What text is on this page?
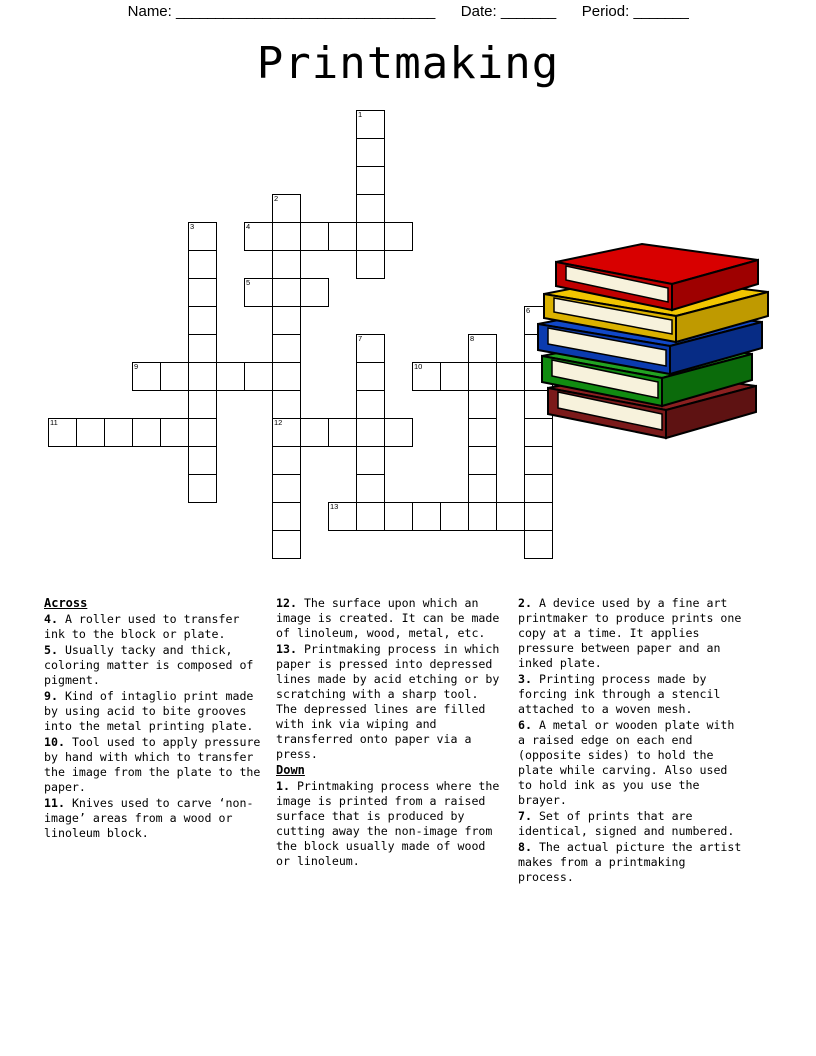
Name: _________________________________ Date: _______ Period: _______
Printmaking
1
2
3	4
5
6
7	8
9	10
11	12
13
Across
4. A roller used to transfer ink to the block or plate.
5. Usually tacky and thick, coloring matter is composed of pigment.
9. Kind of intaglio print made by using acid to bite grooves into the metal printing plate.
10. Tool used to apply pressure by hand with which to transfer the image from the plate to the paper.
11. Knives used to carve ‘non-image’ areas from a wood or linoleum block.
12. The surface upon which an image is created. It can be made of linoleum, wood, metal, etc.
13. Printmaking process in which paper is pressed into depressed lines made by acid etching or by scratching with a sharp tool. The depressed lines are filled with ink via wiping and transferred onto paper via a press.
Down
1. Printmaking process where the image is printed from a raised surface that is produced by cutting away the non-image from the block usually made of wood or linoleum.
2. A device used by a fine art printmaker to produce prints one copy at a time. It applies pressure between paper and an inked plate.
3. Printing process made by forcing ink through a stencil attached to a woven mesh.
6. A metal or wooden plate with a raised edge on each end (opposite sides) to hold the plate while carving. Also used to hold ink as you use the brayer.
7. Set of prints that are identical, signed and numbered.
8. The actual picture the artist makes from a printmaking process.
